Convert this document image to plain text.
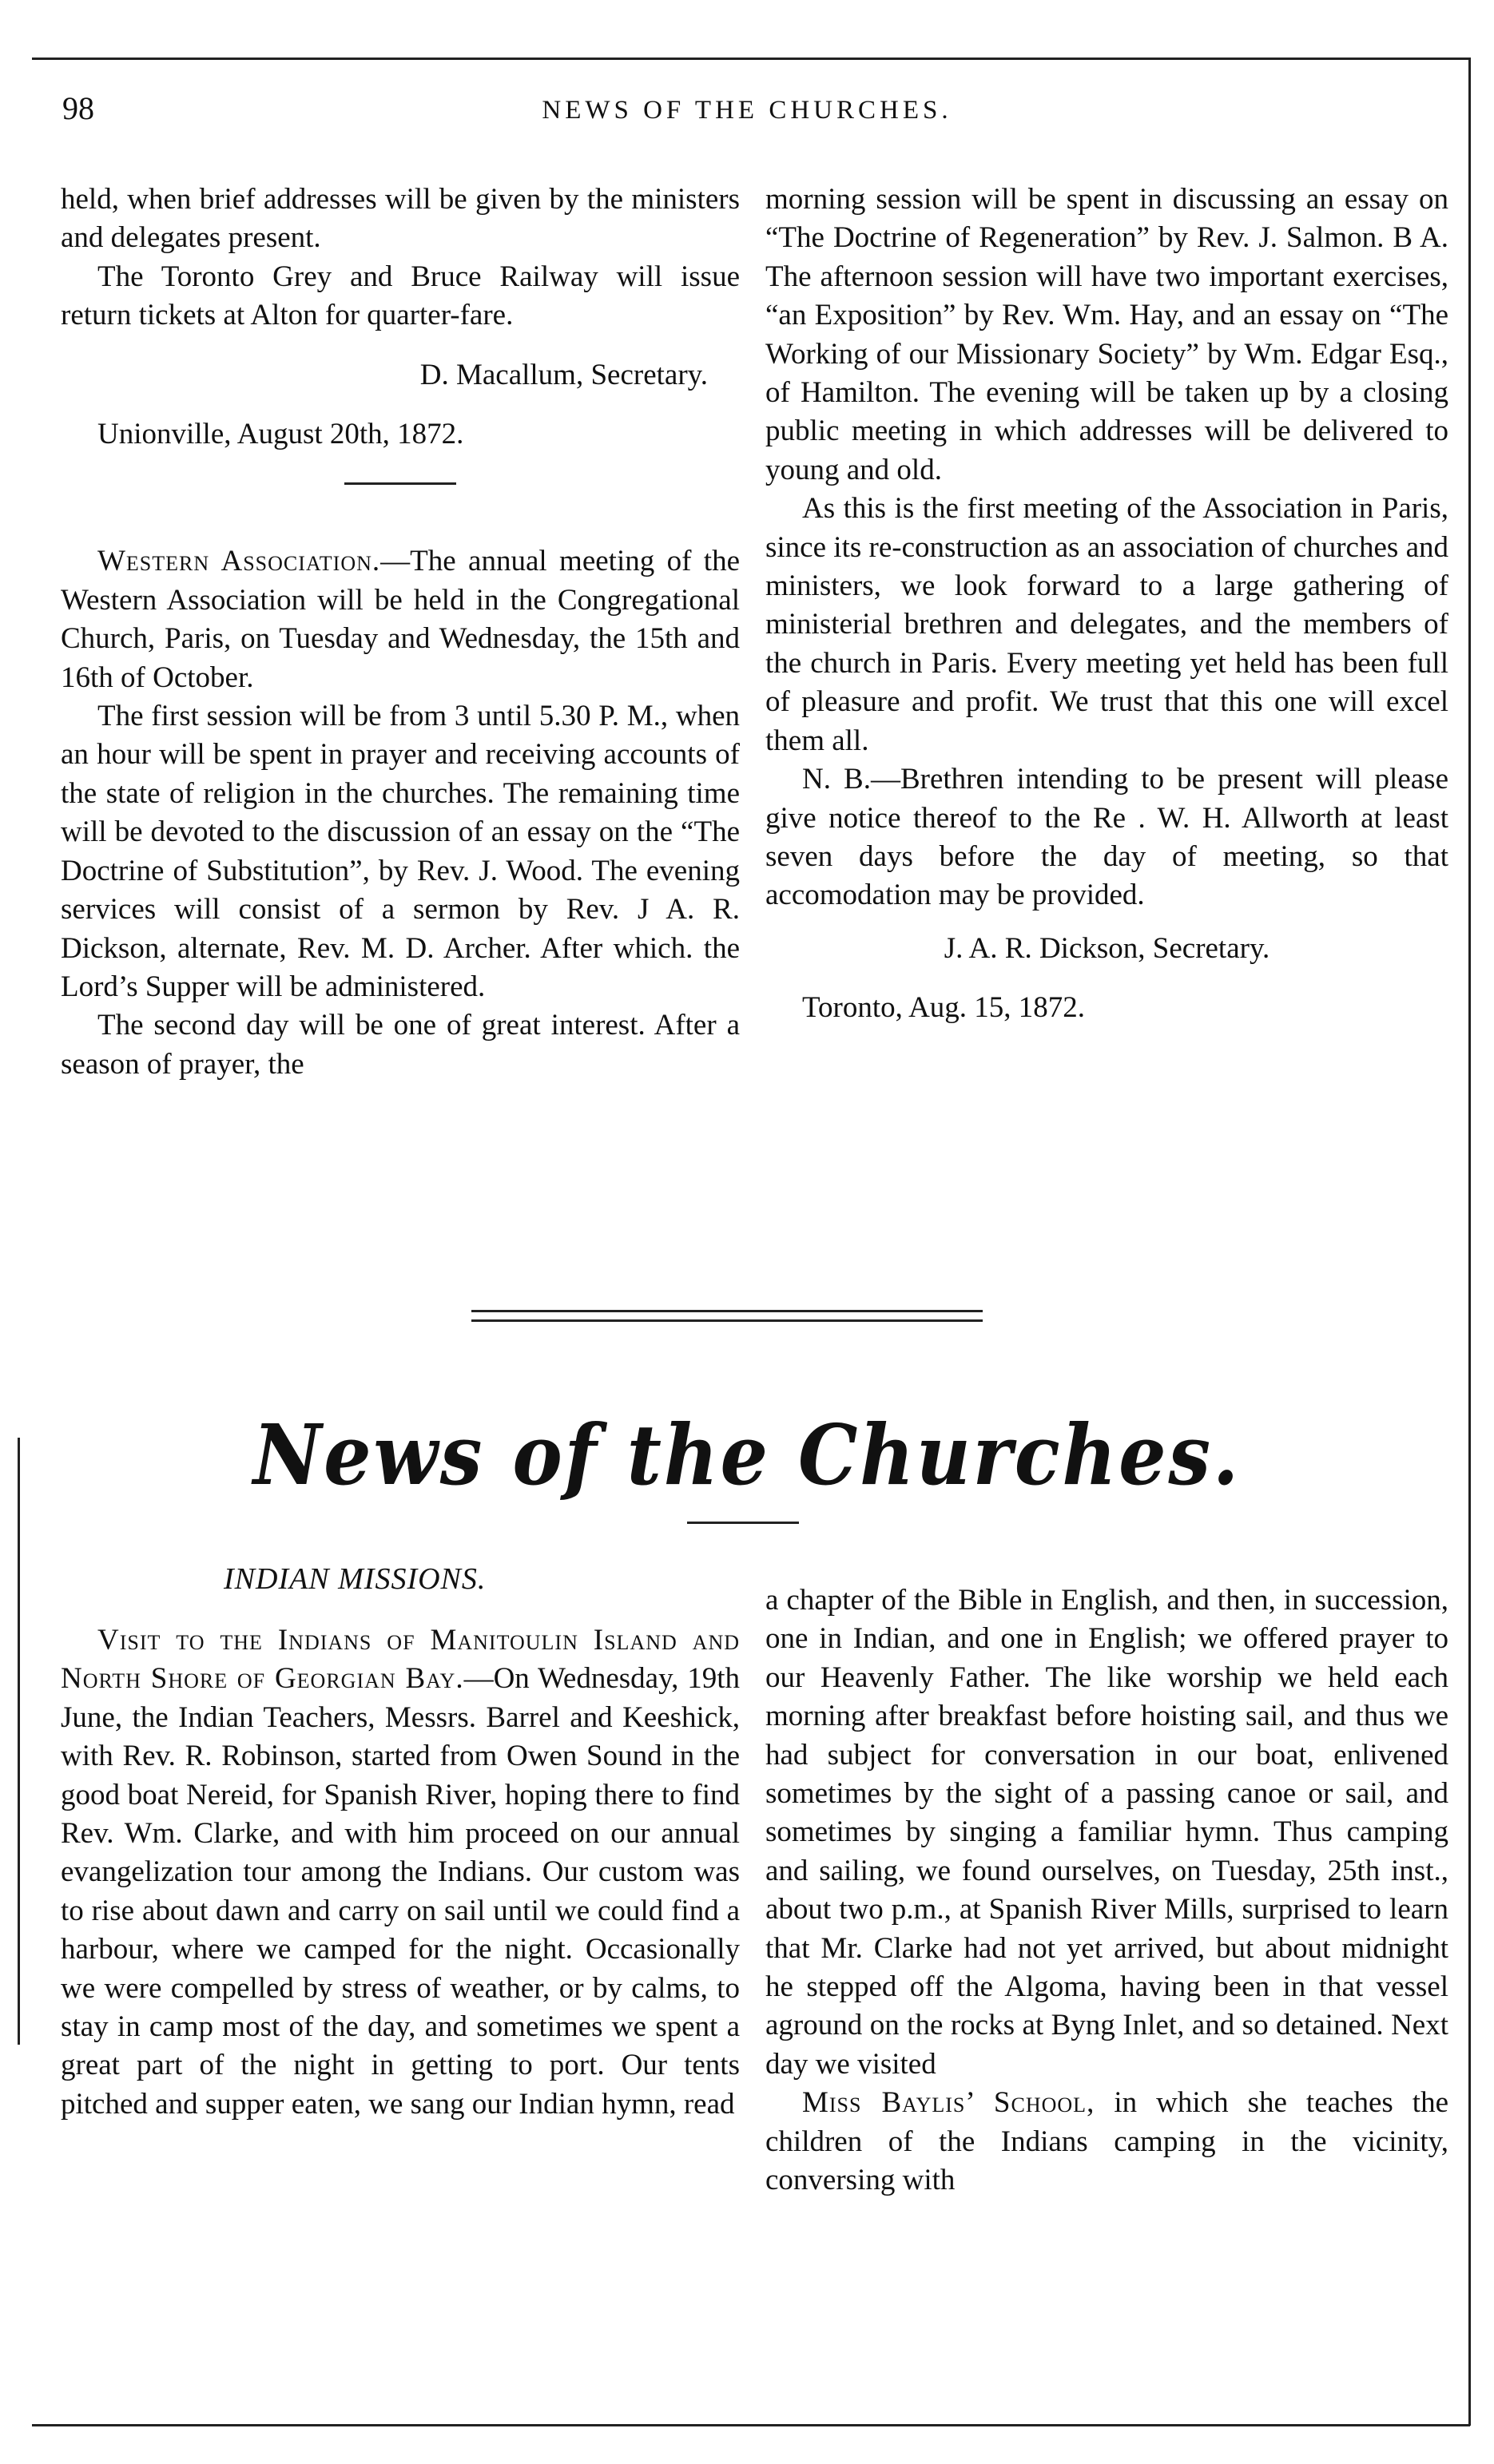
98	NEWS OF THE CHURCHES.

held, when brief addresses will be given by the ministers and delegates present.

The Toronto Grey and Bruce Railway will issue return tickets at Alton for quarter-fare.

D. Macallum, Secretary.

Unionville, August 20th, 1872.

Western Association.—The annual meeting of the Western Association will be held in the Congregational Church, Paris, on Tuesday and Wednesday, the 15th and 16th of October.

The first session will be from 3 until 5.30 P. M., when an hour will be spent in prayer and receiving accounts of the state of religion in the churches. The remaining time will be devoted to the discussion of an essay on the “The Doctrine of Substitution”, by Rev. J. Wood. The evening services will consist of a sermon by Rev. J A. R. Dickson, alternate, Rev. M. D. Archer. After which. the Lord’s Supper will be administered.

The second day will be one of great interest. After a season of prayer, the

morning session will be spent in discussing an essay on “The Doctrine of Regeneration” by Rev. J. Salmon. B A. The afternoon session will have two important exercises, “an Exposition” by Rev. Wm. Hay, and an essay on “The Working of our Missionary Society” by Wm. Edgar Esq., of Hamilton. The evening will be taken up by a closing public meeting in which addresses will be delivered to young and old.

As this is the first meeting of the Association in Paris, since its re-construction as an association of churches and ministers, we look forward to a large gathering of ministerial brethren and delegates, and the members of the church in Paris. Every meeting yet held has been full of pleasure and profit. We trust that this one will excel them all.

N. B.—Brethren intending to be present will please give notice thereof to the Re . W. H. Allworth at least seven days before the day of meeting, so that accomodation may be provided.

J. A. R. Dickson, Secretary.

Toronto, Aug. 15, 1872.

News of the Churches.
INDIAN MISSIONS.

Visit to the Indians of Manitoulin Island and North Shore of Georgian Bay.—On Wednesday, 19th June, the Indian Teachers, Messrs. Barrel and Keeshick, with Rev. R. Robinson, started from Owen Sound in the good boat Nereid, for Spanish River, hoping there to find Rev. Wm. Clarke, and with him proceed on our annual evangelization tour among the Indians. Our custom was to rise about dawn and carry on sail until we could find a harbour, where we camped for the night. Occasionally we were compelled by stress of weather, or by calms, to stay in camp most of the day, and sometimes we spent a great part of the night in getting to port. Our tents pitched and supper eaten, we sang our Indian hymn, read

a chapter of the Bible in English, and then, in succession, one in Indian, and one in English; we offered prayer to our Heavenly Father. The like worship we held each morning after breakfast before hoisting sail, and thus we had subject for conversation in our boat, enlivened sometimes by the sight of a passing canoe or sail, and sometimes by singing a familiar hymn. Thus camping and sailing, we found ourselves, on Tuesday, 25th inst., about two p.m., at Spanish River Mills, surprised to learn that Mr. Clarke had not yet arrived, but about midnight he stepped off the Algoma, having been in that vessel aground on the rocks at Byng Inlet, and so detained. Next day we visited

Miss Baylis’ School, in which she teaches the children of the Indians camping in the vicinity, conversing with
